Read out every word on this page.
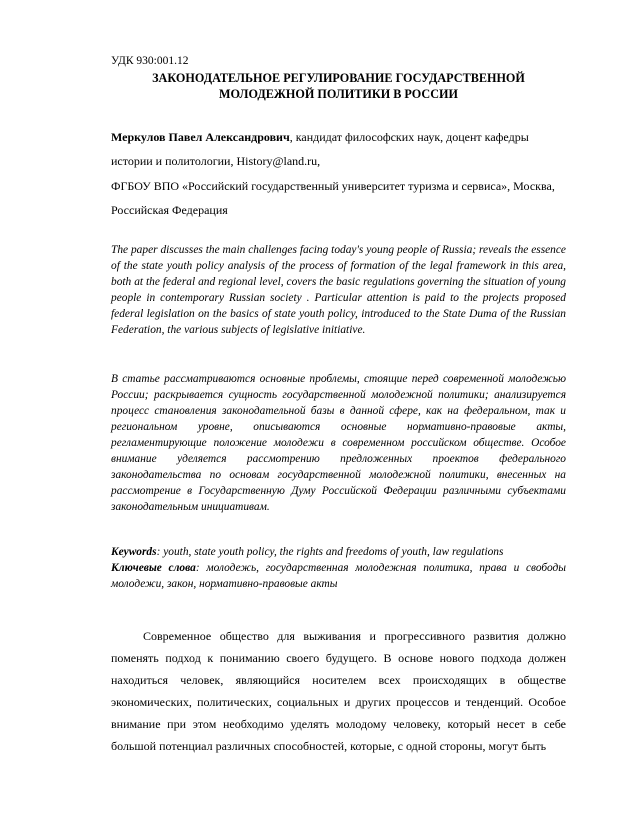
УДК 930:001.12
ЗАКОНОДАТЕЛЬНОЕ РЕГУЛИРОВАНИЕ ГОСУДАРСТВЕННОЙ
МОЛОДЕЖНОЙ ПОЛИТИКИ В РОССИИ
Меркулов Павел Александрович, кандидат философских наук, доцент кафедры истории и политологии, History@land.ru,
ФГБОУ ВПО «Российский государственный университет туризма и сервиса», Москва, Российская Федерация
The paper discusses the main challenges facing today's young people of Russia; reveals the essence of the state youth policy analysis of the process of formation of the legal framework in this area, both at the federal and regional level, covers the basic regulations governing the situation of young people in contemporary Russian society . Particular attention is paid to the projects proposed federal legislation on the basics of state youth policy, introduced to the State Duma of the Russian Federation, the various subjects of legislative initiative.
В статье рассматриваются основные проблемы, стоящие перед современной молодежью России; раскрывается сущность государственной молодежной политики; анализируется процесс становления законодательной базы в данной сфере, как на федеральном, так и региональном уровне, описываются основные нормативно-правовые акты, регламентирующие положение молодежи в современном российском обществе. Особое внимание уделяется рассмотрению предложенных проектов федерального законодательства по основам государственной молодежной политики, внесенных на рассмотрение в Государственную Думу Российской Федерации различными субъектами законодательным инициативам.
Keywords: youth, state youth policy, the rights and freedoms of youth, law regulations
Ключевые слова: молодежь, государственная молодежная политика, права и свободы молодежи, закон, нормативно-правовые акты

Современное общество для выживания и прогрессивного развития должно поменять подход к пониманию своего будущего. В основе нового подхода должен находиться человек, являющийся носителем всех происходящих в обществе экономических, политических, социальных и других процессов и тенденций. Особое внимание при этом необходимо уделять молодому человеку, который несет в себе большой потенциал различных способностей, которые, с одной стороны, могут быть
